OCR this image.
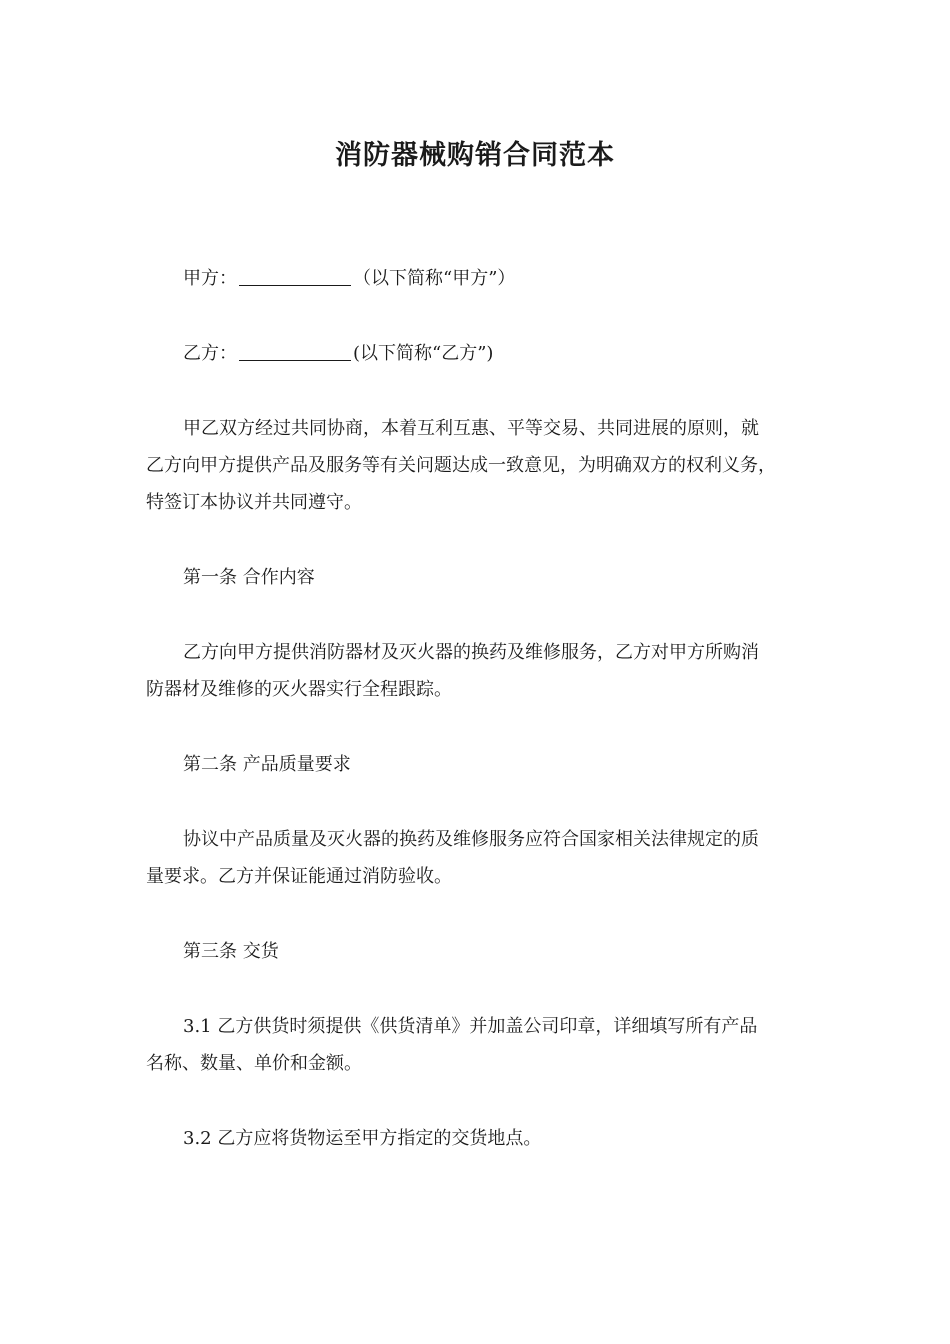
消防器械购销合同范本
甲方：	（以下简称“甲方”）
乙方：	(以下简称“乙方”)
甲乙双方经过共同协商，本着互利互惠、平等交易、共同进展的原则，就
乙方向甲方提供产品及服务等有关问题达成一致意见，为明确双方的权利义务，
特签订本协议并共同遵守。
第一条 合作内容
乙方向甲方提供消防器材及灭火器的换药及维修服务，乙方对甲方所购消
防器材及维修的灭火器实行全程跟踪。
第二条 产品质量要求
协议中产品质量及灭火器的换药及维修服务应符合国家相关法律规定的质
量要求。乙方并保证能通过消防验收。
第三条 交货
3.1 乙方供货时须提供《供货清单》并加盖公司印章，详细填写所有产品
名称、数量、单价和金额。
3.2 乙方应将货物运至甲方指定的交货地点。
